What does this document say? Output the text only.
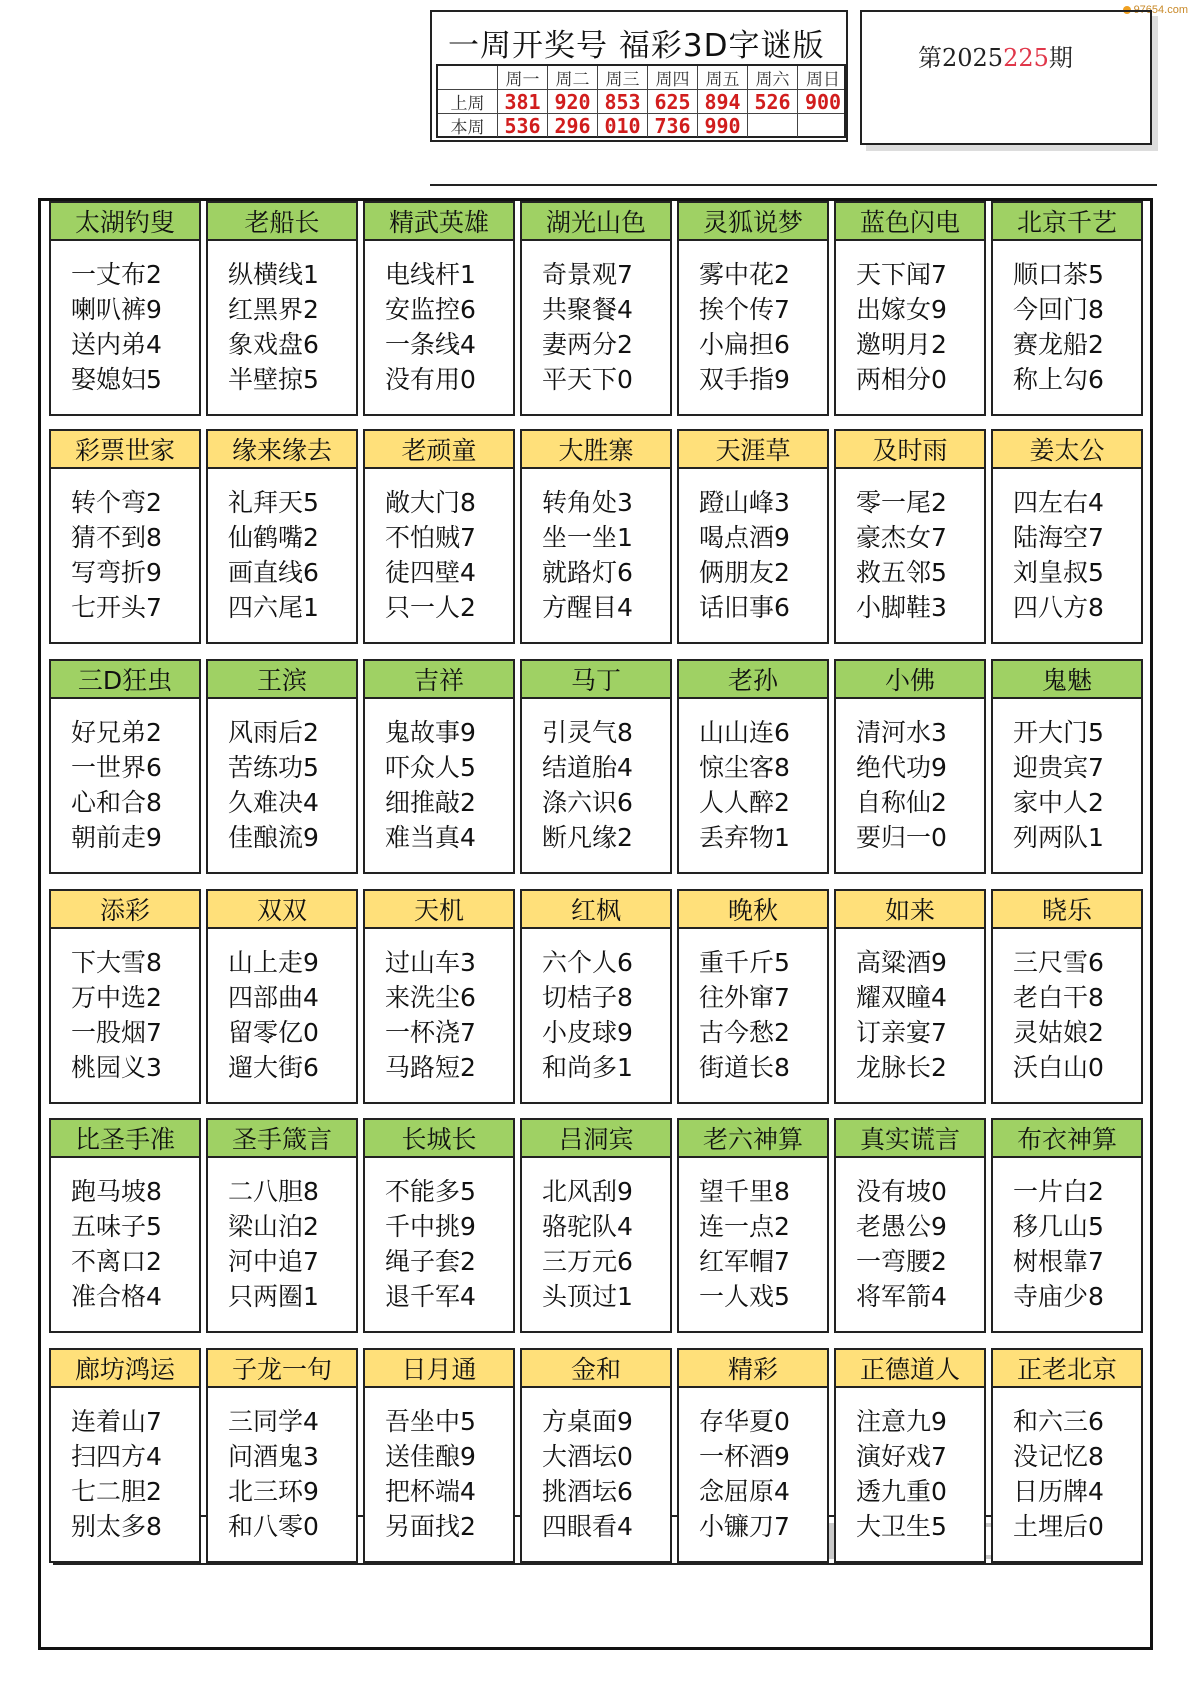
97654.com
一周开奖号 福彩3D字谜版
周一 周二 周三 周四 周五 周六 周日
上周 381 920 853 625 894 526 900
本周 536 296 010 736 990
第2025225期
太湖钓叟
一丈布2
喇叭裤9
送内弟4
娶媳妇5
老船长
纵横线1
红黑界2
象戏盘6
半壁掠5
精武英雄
电线杆1
安监控6
一条线4
没有用0
湖光山色
奇景观7
共聚餐4
妻两分2
平天下0
灵狐说梦
雾中花2
挨个传7
小扁担6
双手指9
蓝色闪电
天下闻7
出嫁女9
邀明月2
两相分0
北京千艺
顺口茶5
今回门8
赛龙船2
称上勾6
彩票世家
转个弯2
猜不到8
写弯折9
七开头7
缘来缘去
礼拜天5
仙鹤嘴2
画直线6
四六尾1
老顽童
敞大门8
不怕贼7
徒四壁4
只一人2
大胜寨
转角处3
坐一坐1
就路灯6
方醒目4
天涯草
蹬山峰3
喝点酒9
俩朋友2
话旧事6
及时雨
零一尾2
豪杰女7
救五邻5
小脚鞋3
姜太公
四左右4
陆海空7
刘皇叔5
四八方8
三D狂虫
好兄弟2
一世界6
心和合8
朝前走9
王滨
风雨后2
苦练功5
久难决4
佳酿流9
吉祥
鬼故事9
吓众人5
细推敲2
难当真4
马丁
引灵气8
结道胎4
涤六识6
断凡缘2
老孙
山山连6
惊尘客8
人人醉2
丢弃物1
小佛
清河水3
绝代功9
自称仙2
要归一0
鬼魅
开大门5
迎贵宾7
家中人2
列两队1
添彩
下大雪8
万中选2
一股烟7
桃园义3
双双
山上走9
四部曲4
留零亿0
遛大街6
天机
过山车3
来洗尘6
一杯浇7
马路短2
红枫
六个人6
切桔子8
小皮球9
和尚多1
晚秋
重千斤5
往外窜7
古今愁2
街道长8
如来
高粱酒9
耀双瞳4
订亲宴7
龙脉长2
晓乐
三尺雪6
老白干8
灵姑娘2
沃白山0
比圣手准
跑马坡8
五味子5
不离口2
准合格4
圣手箴言
二八胆8
梁山泊2
河中追7
只两圈1
长城长
不能多5
千中挑9
绳子套2
退千军4
吕洞宾
北风刮9
骆驼队4
三万元6
头顶过1
老六神算
望千里8
连一点2
红军帽7
一人戏5
真实谎言
没有坡0
老愚公9
一弯腰2
将军箭4
布衣神算
一片白2
移几山5
树根靠7
寺庙少8
廊坊鸿运
连着山7
扫四方4
七二胆2
别太多8
子龙一句
三同学4
问酒鬼3
北三环9
和八零0
日月通
吾坐中5
送佳酿9
把杯端4
另面找2
金和
方桌面9
大酒坛0
挑酒坛6
四眼看4
精彩
存华夏0
一杯酒9
念屈原4
小镰刀7
正德道人
注意九9
演好戏7
透九重0
大卫生5
正老北京
和六三6
没记忆8
日历牌4
土埋后0
